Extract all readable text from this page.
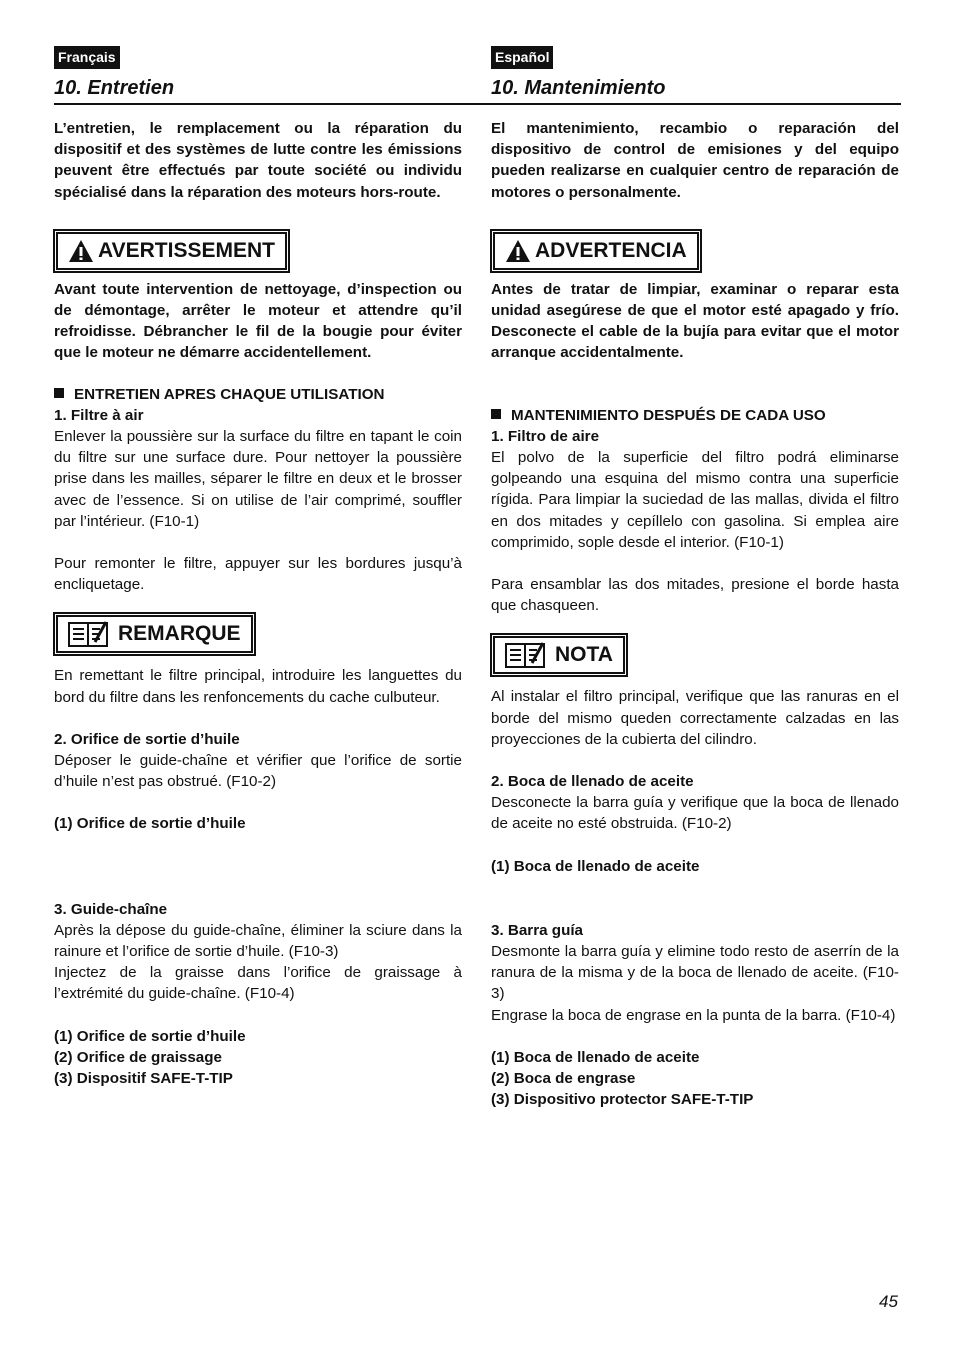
Français
10. Entretien

L’entretien, le remplacement ou la réparation du dispositif et des systèmes de lutte contre les émissions peuvent être effectués par toute société ou individu spécialisé dans la réparation des moteurs hors-route.

AVERTISSEMENT

Avant toute intervention de nettoyage, d’inspection ou de démontage, arrêter le moteur et attendre qu’il refroidisse. Débrancher le fil de la bougie pour éviter que le moteur ne démarre accidentellement.

ENTRETIEN APRES CHAQUE UTILISATION
1. Filtre à air

Enlever la poussière sur la surface du filtre en tapant le coin du filtre sur une surface dure. Pour nettoyer la poussière prise dans les mailles, séparer le filtre en deux et le brosser avec de l’essence. Si on utilise de l’air comprimé, souffler par l’intérieur. (F10-1)

Pour remonter le filtre, appuyer sur les bordures jusqu’à encliquetage.

REMARQUE

En remettant le filtre principal, introduire les languettes du bord du filtre dans les renfoncements du cache culbuteur.

2. Orifice de sortie d’huile

Déposer le guide-chaîne et vérifier que l’orifice de sortie d’huile n’est pas obstrué. (F10-2)

(1) Orifice de sortie d’huile
3. Guide-chaîne

Après la dépose du guide-chaîne, éliminer la sciure dans la rainure et l’orifice de sortie d’huile. (F10-3)

Injectez de la graisse dans l’orifice de graissage à l’extrémité du guide-chaîne. (F10-4)

(1) Orifice de sortie d’huile
(2) Orifice de graissage
(3) Dispositif SAFE-T-TIP
Español
10. Mantenimiento

El mantenimiento, recambio o reparación del dispositivo de control de emisiones y del equipo pueden realizarse en cualquier centro de reparación de motores o personalmente.

ADVERTENCIA

Antes de tratar de limpiar, examinar o reparar esta unidad asegúrese de que el motor esté apagado y frío. Desconecte el cable de la bujía para evitar que el motor arranque accidentalmente.

MANTENIMIENTO DESPUÉS DE CADA USO
1. Filtro de aire

El polvo de la superficie del filtro podrá eliminarse golpeando una esquina del mismo contra una superficie rígida. Para limpiar la suciedad de las mallas, divida el filtro en dos mitades y cepíllelo con gasolina. Si emplea aire comprimido, sople desde el interior. (F10-1)

Para ensamblar las dos mitades, presione el borde hasta que chasqueen.

NOTA

Al instalar el filtro principal, verifique que las ranuras en el borde del mismo queden correctamente calzadas en las proyecciones de la cubierta del cilindro.

2. Boca de llenado de aceite

Desconecte la barra guía y verifique que la boca de llenado de aceite no esté obstruida. (F10-2)

(1) Boca de llenado de aceite
3. Barra guía

Desmonte la barra guía y elimine todo resto de aserrín de la ranura de la misma y de la boca de llenado de aceite. (F10-3)

Engrase la boca de engrase en la punta de la barra. (F10-4)

(1) Boca de llenado de aceite
(2) Boca de engrase
(3) Dispositivo protector SAFE-T-TIP
45
